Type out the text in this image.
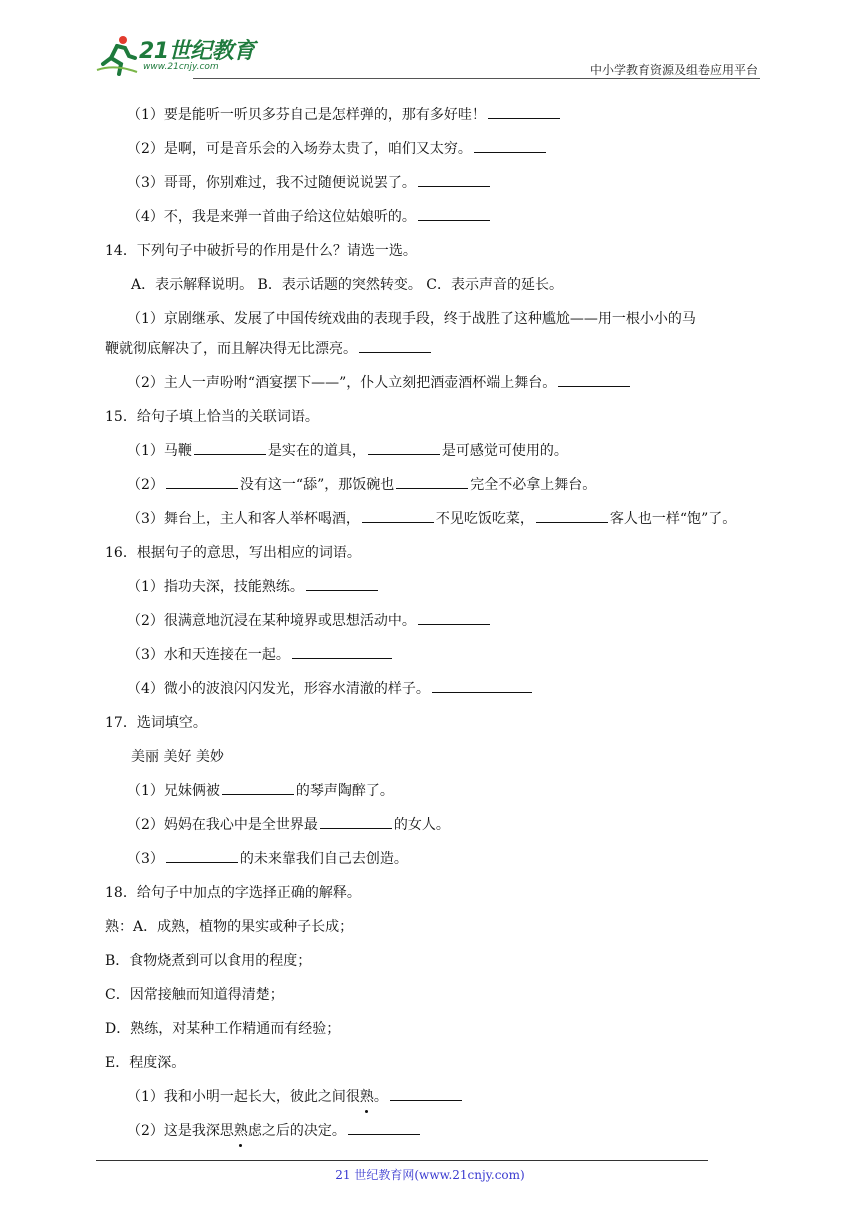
21世纪教育
www.21cnjy.com	中小学教育资源及组卷应用平台
（1）要是能听一听贝多芬自己是怎样弹的，那有多好哇！
（2）是啊，可是音乐会的入场券太贵了，咱们又太穷。
（3）哥哥，你别难过，我不过随便说说罢了。
（4）不，我是来弹一首曲子给这位姑娘听的。
14．下列句子中破折号的作用是什么？请选一选。
A．表示解释说明。 B．表示话题的突然转变。 C．表示声音的延长。
（1）京剧继承、发展了中国传统戏曲的表现手段，终于战胜了这种尴尬——用一根小小的马
鞭就彻底解决了，而且解决得无比漂亮。
（2）主人一声吩咐“酒宴摆下——”，仆人立刻把酒壶酒杯端上舞台。
15．给句子填上恰当的关联词语。
（1）马鞭	是实在的道具，	是可感觉可使用的。
（2）	没有这一“舔”，那饭碗也	完全不必拿上舞台。
（3）舞台上，主人和客人举杯喝酒，	不见吃饭吃菜，	客人也一样“饱”了。
16．根据句子的意思，写出相应的词语。
（1）指功夫深，技能熟练。
（2）很满意地沉浸在某种境界或思想活动中。
（3）水和天连接在一起。
（4）微小的波浪闪闪发光，形容水清澈的样子。
17．选词填空。
美丽 美好 美妙
（1）兄妹俩被	的琴声陶醉了。
（2）妈妈在我心中是全世界最	的女人。
（3）	的未来靠我们自己去创造。
18．给句子中加点的字选择正确的解释。
熟：A．成熟，植物的果实或种子长成；
B．食物烧煮到可以食用的程度；
C．因常接触而知道得清楚；
D．熟练，对某种工作精通而有经验；
E．程度深。
（1）我和小明一起长大，彼此之间很熟。
（2）这是我深思熟虑之后的决定。
21 世纪教育网(www.21cnjy.com)
